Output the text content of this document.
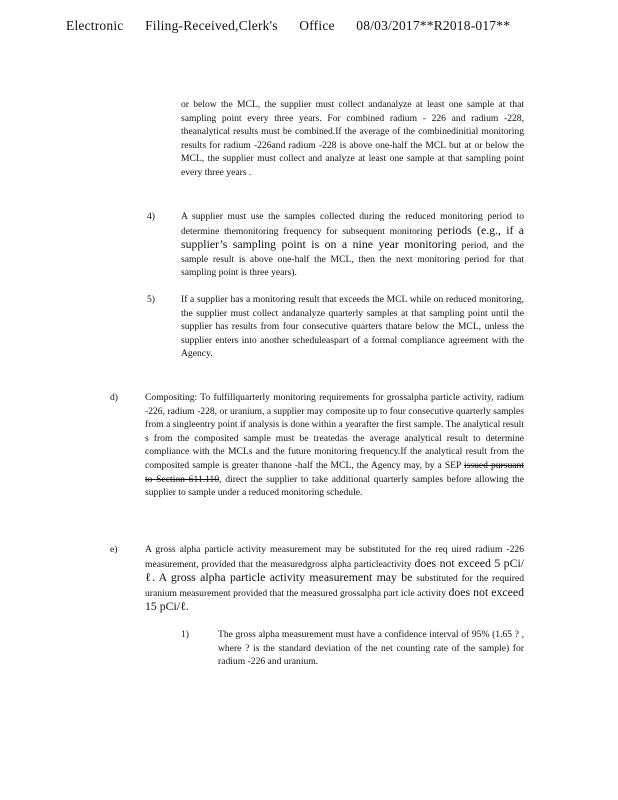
Electronic Filing-Received,Clerk's Office 08/03/2017**R2018-017**
or below the MCL, the supplier must collect andanalyze at least one sample at that sampling point every three years. For combined radium - 226 and radium -228, theanalytical results must be combined.If the average of the combinedinitial monitoring results for radium -226and radium -228 is above one-half the MCL but at or below the MCL, the supplier must collect and analyze at least one sample at that sampling point every three years .
4)	A supplier must use the samples collected during the reduced monitoring period to determine themonitoring frequency for subsequent monitoring periods (e.g., if a supplier’s sampling point is on a nine year monitoring period, and the sample result is above one-half the MCL, then the next monitoring period for that sampling point is three years).
5)	If a supplier has a monitoring result that exceeds the MCL while on reduced monitoring, the supplier must collect andanalyze quarterly samples at that sampling point until the supplier has results from four consecutive quarters thatare below the MCL, unless the supplier enters into another scheduleaspart of a formal compliance agreement with the Agency.
d)	Compositing: To fulfillquarterly monitoring requirements for grossalpha particle activity, radium -226, radium -228, or uranium, a supplier may composite up to four consecutive quarterly samples from a singleentry point if analysis is done within a yearafter the first sample. The analytical result s from the composited sample must be treatedas the average analytical result to determine compliance with the MCLs and the future monitoring frequency.If the analytical result from the composited sample is greater thanone -half the MCL, the Agency may, by a SEP issued pursuant to Section 611.110, direct the supplier to take additional quarterly samples before allowing the supplier to sample under a reduced monitoring schedule.
e)	A gross alpha particle activity measurement may be substituted for the req uired radium -226 measurement, provided that the measuredgross alpha particleactivity does not exceed 5 pCi/ℓ. A gross alpha particle activity measurement may be substituted for the required uranium measurement provided that the measured grossalpha part icle activity does not exceed 15 pCi/ℓ.
1)	The gross alpha measurement must have a confidence interval of 95% (1.65 ? , where ? is the standard deviation of the net counting rate of the sample) for radium -226 and uranium.
